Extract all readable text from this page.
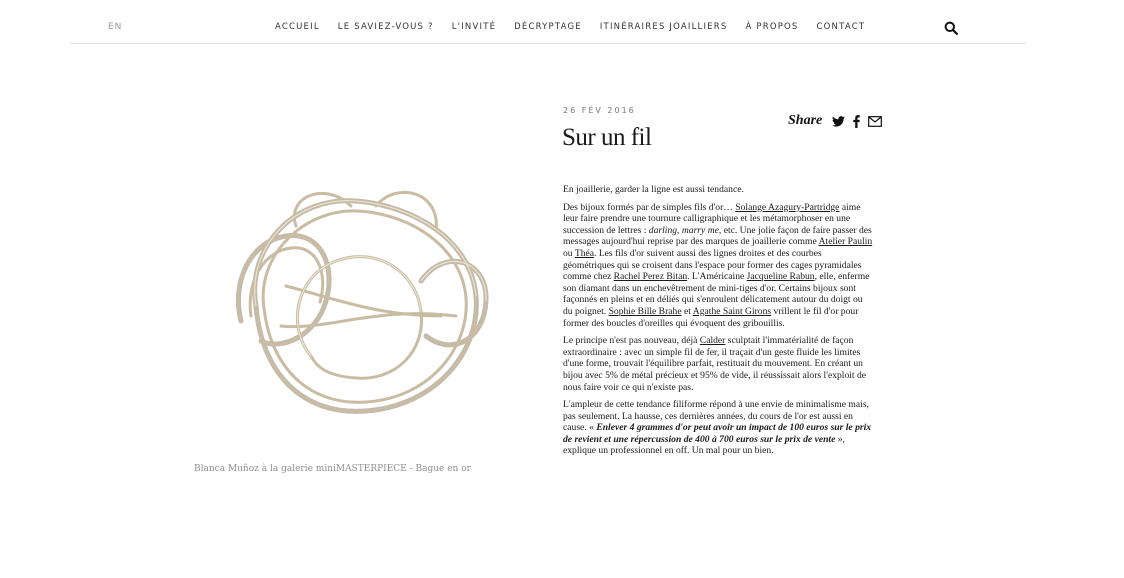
EN	ACCUEIL LE SAVIEZ-VOUS ? L'INVITÉ DÉCRYPTAGE ITINÉRAIRES JOAILLIERS À PROPOS CONTACT
Blanca Muñoz à la galerie miniMASTERPIECE - Bague en or
26 FÉV 2016
Sur un fil
Share

En joaillerie, garder la ligne est aussi tendance.

Des bijoux formés par de simples fils d'or… Solange Azagury-Partridge aime leur faire prendre une tournure calligraphique et les métamorphoser en une succession de lettres : darling, marry me, etc. Une jolie façon de faire passer des messages aujourd'hui reprise par des marques de joaillerie comme Atelier Paulin ou Théa. Les fils d'or suivent aussi des lignes droites et des courbes géométriques qui se croisent dans l'espace pour former des cages pyramidales comme chez Rachel Perez Bitan. L'Américaine Jacqueline Rabun, elle, enferme son diamant dans un enchevêtrement de mini-tiges d'or. Certains bijoux sont façonnés en pleins et en déliés qui s'enroulent délicatement autour du doigt ou du poignet. Sophie Bille Brahe et Agathe Saint Girons vrillent le fil d'or pour former des boucles d'oreilles qui évoquent des gribouillis.

Le principe n'est pas nouveau, déjà Calder sculptait l'immatérialité de façon extraordinaire : avec un simple fil de fer, il traçait d'un geste fluide les limites d'une forme, trouvait l'équilibre parfait, restituait du mouvement. En créant un bijou avec 5% de métal précieux et 95% de vide, il réussissait alors l'exploit de nous faire voir ce qui n'existe pas.

L'ampleur de cette tendance filiforme répond à une envie de minimalisme mais, pas seulement. La hausse, ces dernières années, du cours de l'or est aussi en cause. « Enlever 4 grammes d'or peut avoir un impact de 100 euros sur le prix de revient et une répercussion de 400 à 700 euros sur le prix de vente », explique un professionnel en off. Un mal pour un bien.
